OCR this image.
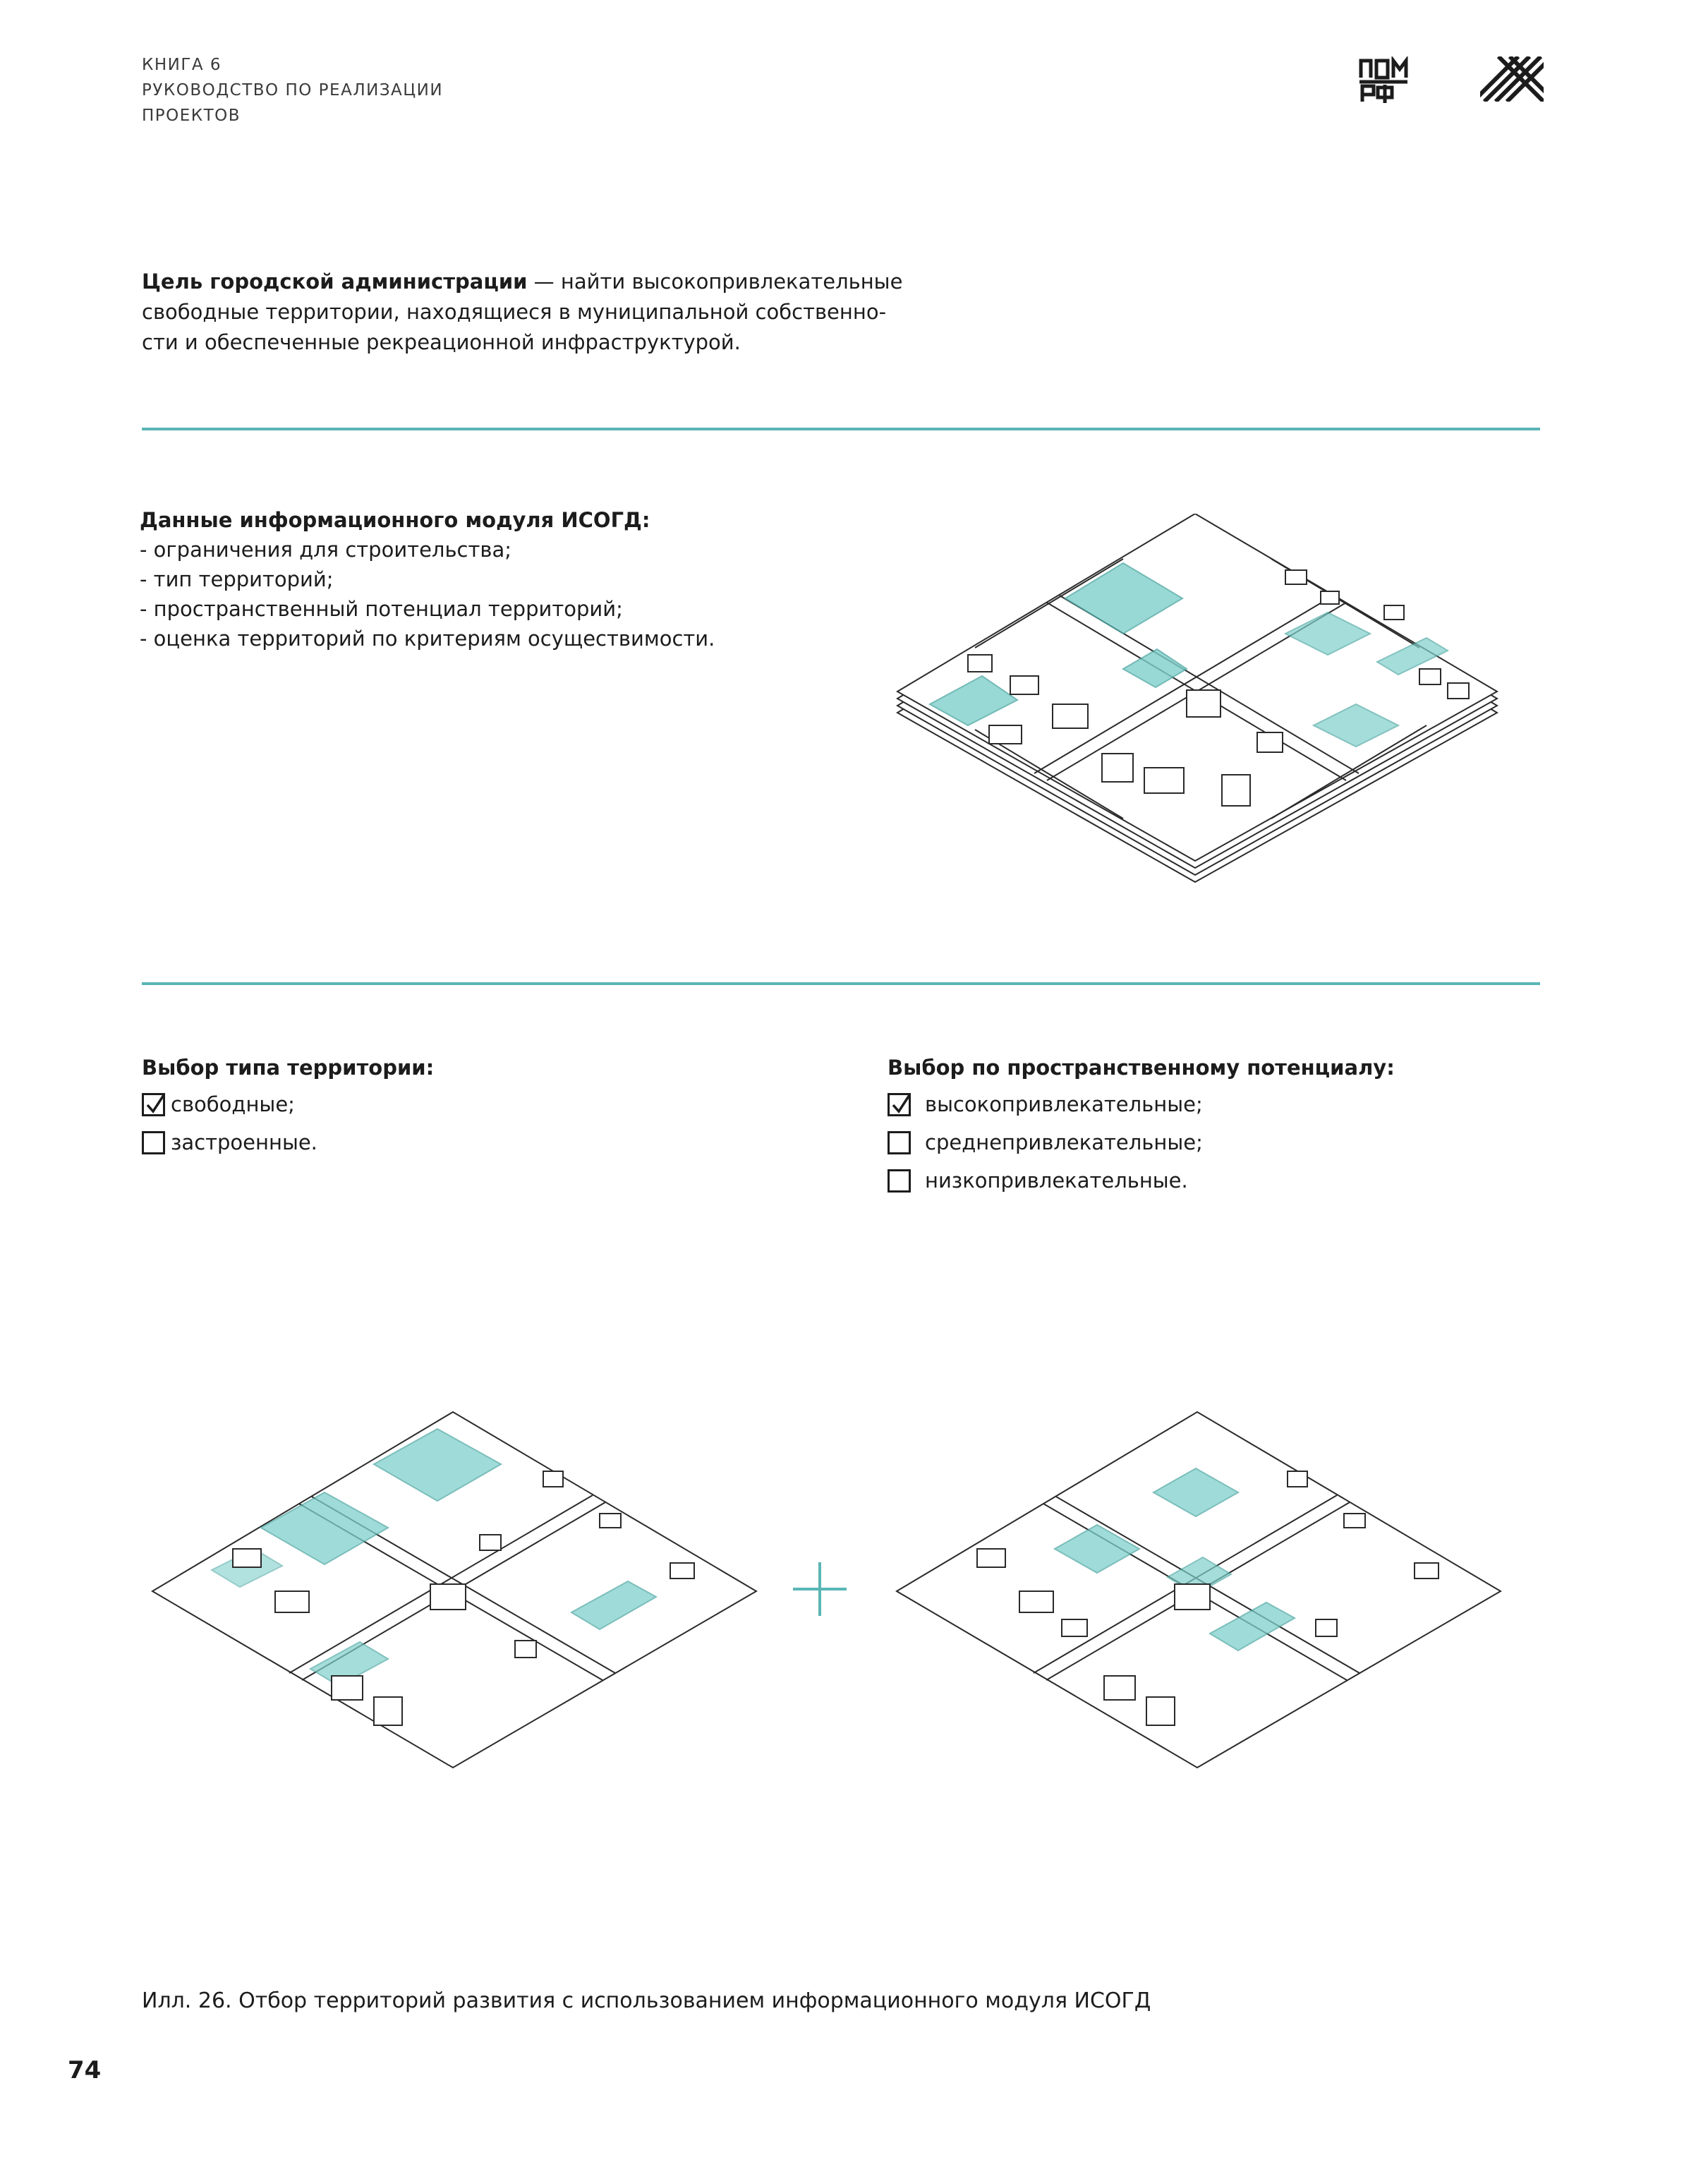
КНИГА 6
РУКОВОДСТВО ПО РЕАЛИЗАЦИИ
ПРОЕКТОВ
Цель городской администрации — найти высокопривлекательные
свободные территории, находящиеся в муниципальной собственно-
сти и обеспеченные рекреационной инфраструктурой.
Данные информационного модуля ИСОГД:
- ограничения для строительства;
- тип территорий;
- пространственный потенциал территорий;
- оценка территорий по критериям осуществимости.
Выбор типа территории:
свободные;
застроенные.
Выбор по пространственному потенциалу:
высокопривлекательные;
среднепривлекательные;
низкопривлекательные.
Илл. 26. Отбор территорий развития с использованием информационного модуля ИСОГД
74
